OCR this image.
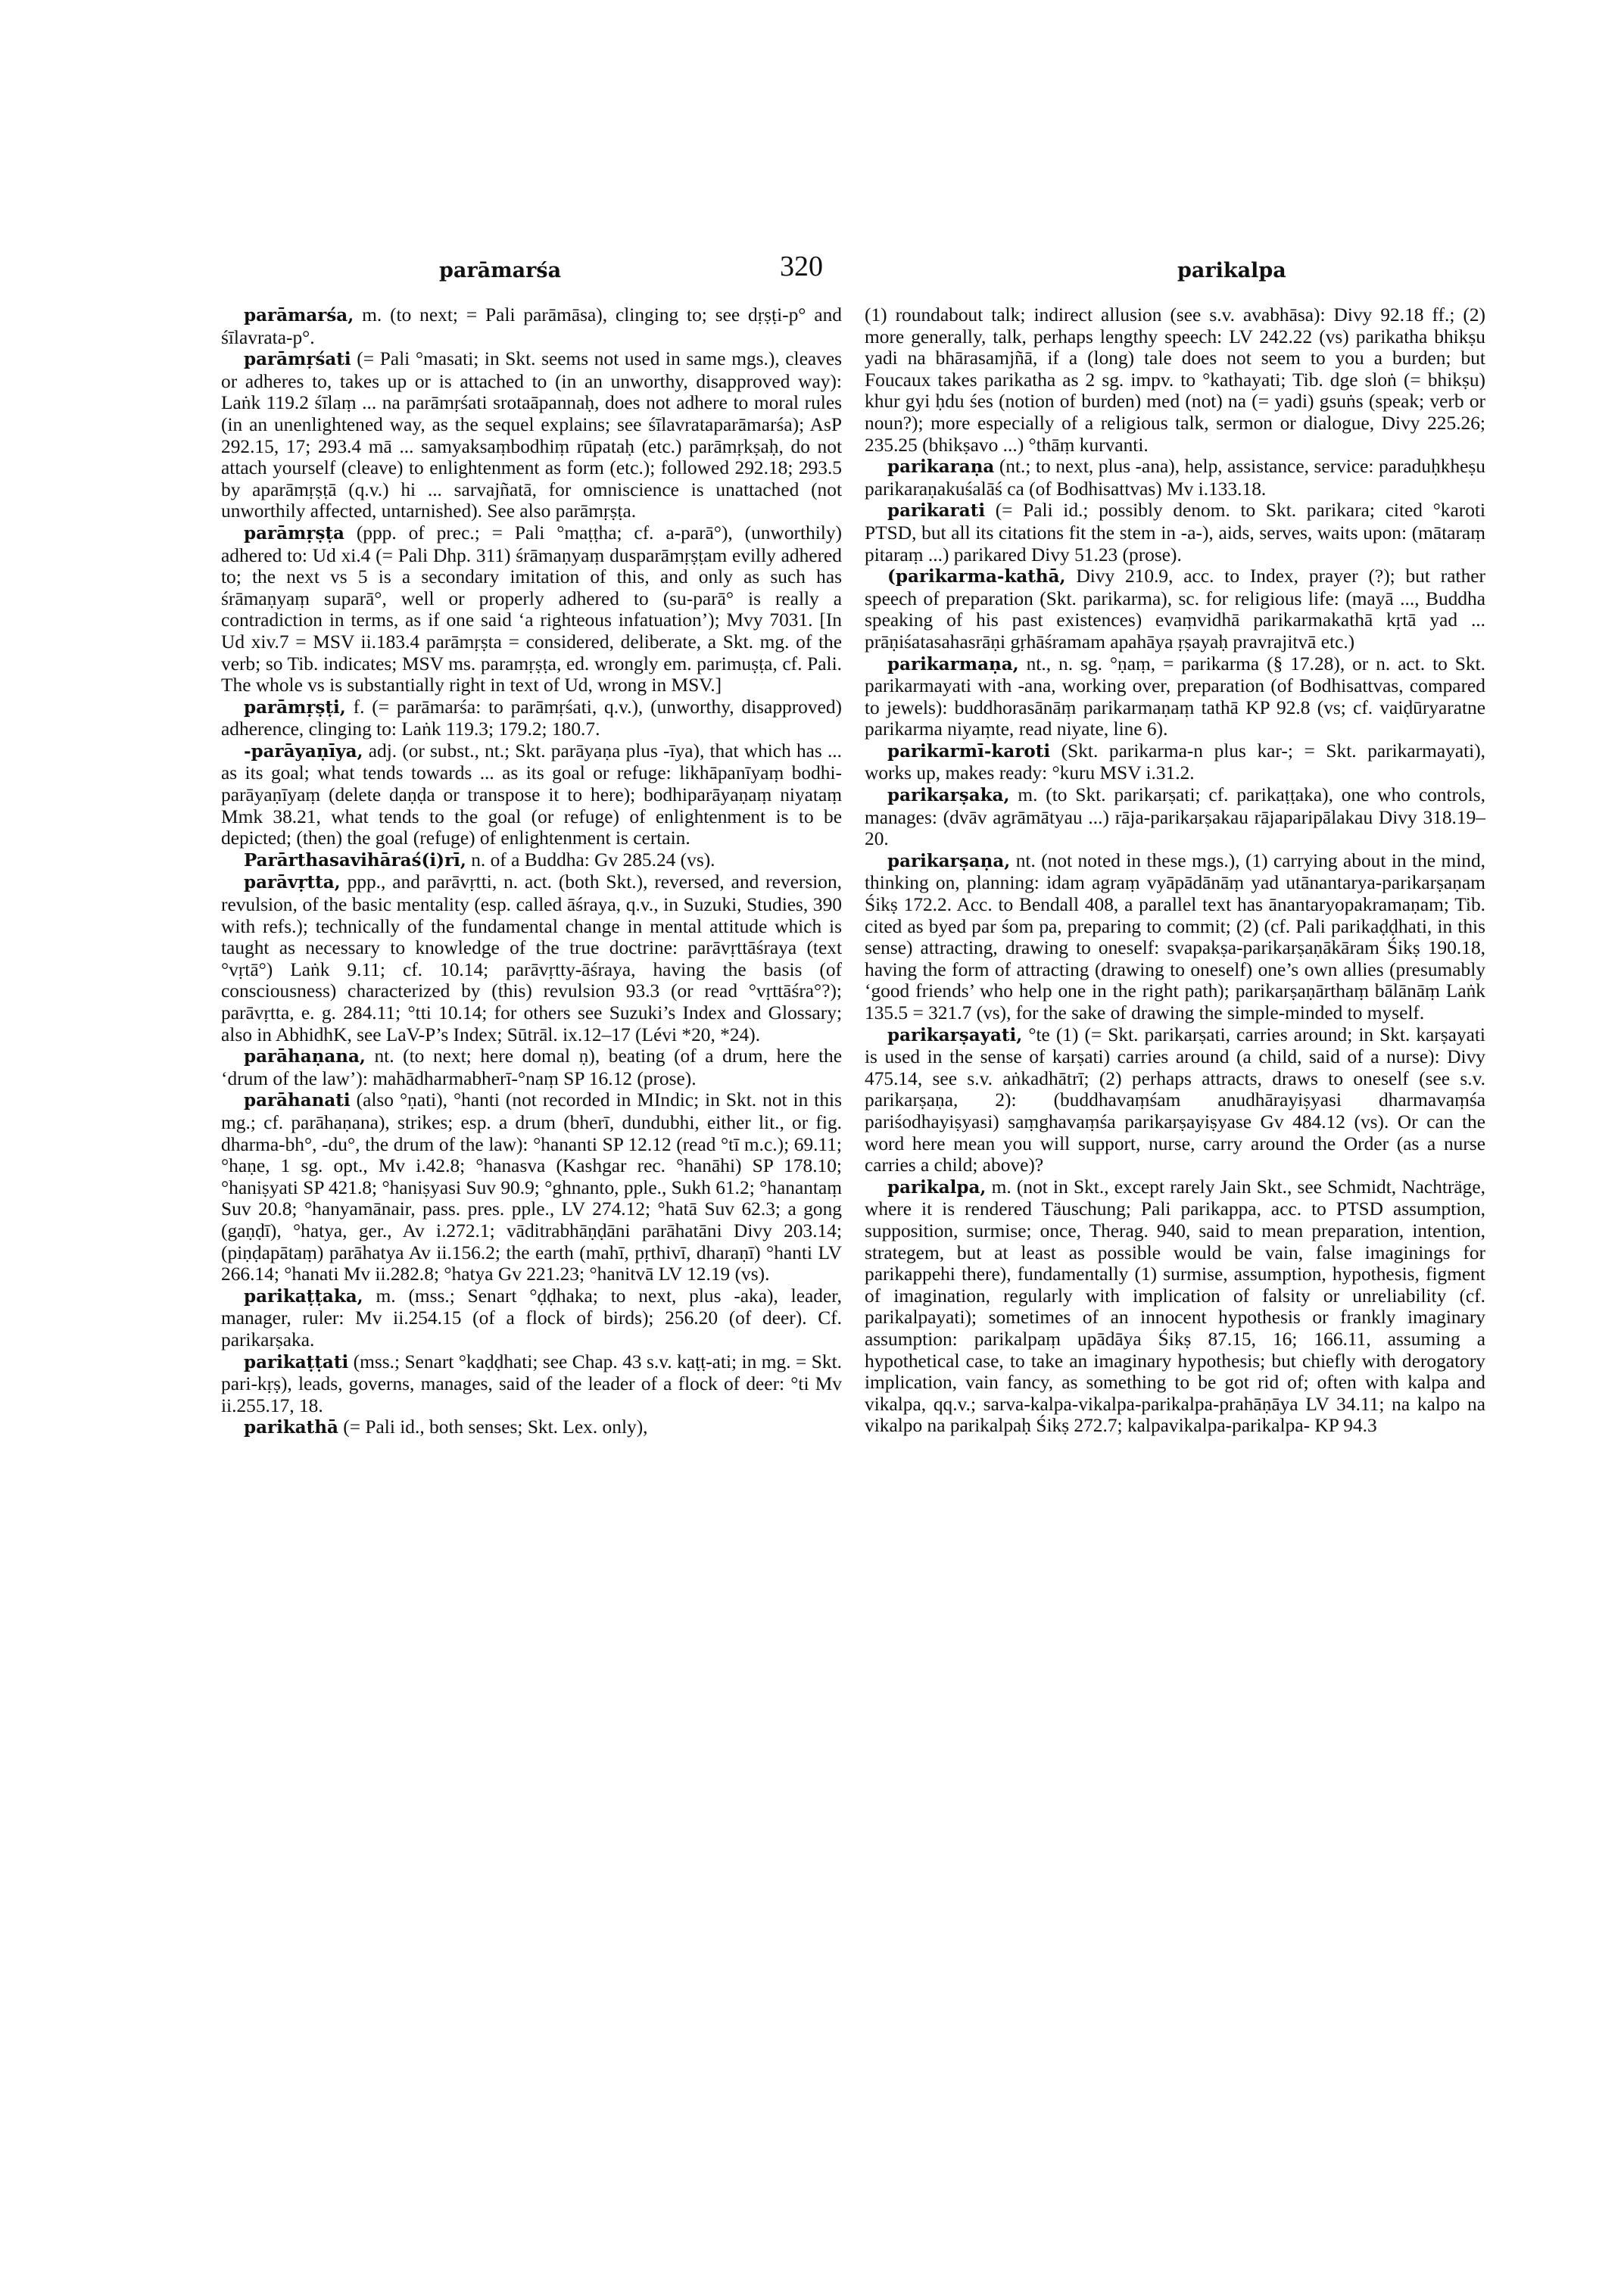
parāmarśa	320	parikalpa

parāmarśa, m. (to next; = Pali parāmāsa), clinging to; see dṛṣṭi-p° and śīlavrata-p°.

parāmṛśati (= Pali °masati; in Skt. seems not used in same mgs.), cleaves or adheres to, takes up or is attached to (in an unworthy, disapproved way): Laṅk 119.2 śīlaṃ ... na parāmṛśati srotaāpannaḥ, does not adhere to moral rules (in an unenlightened way, as the sequel explains; see śīlavrataparāmarśa); AsP 292.15, 17; 293.4 mā ... samyaksaṃbodhiṃ rūpataḥ (etc.) parāmṛkṣaḥ, do not attach yourself (cleave) to enlightenment as form (etc.); followed 292.18; 293.5 by aparāmṛṣṭā (q.v.) hi ... sarvajñatā, for omniscience is unattached (not unworthily affected, untarnished). See also parāmṛṣṭa.

parāmṛṣṭa (ppp. of prec.; = Pali °maṭṭha; cf. a-parā°), (unworthily) adhered to: Ud xi.4 (= Pali Dhp. 311) śrāmaṇyaṃ dusparāmṛṣṭam evilly adhered to; the next vs 5 is a secondary imitation of this, and only as such has śrāmaṇyaṃ suparā°, well or properly adhered to (su-parā° is really a contradiction in terms, as if one said ‘a righteous infatuation’); Mvy 7031. [In Ud xiv.7 = MSV ii.183.4 parāmṛṣta = considered, deliberate, a Skt. mg. of the verb; so Tib. indicates; MSV ms. paramṛṣṭa, ed. wrongly em. parimuṣṭa, cf. Pali. The whole vs is substantially right in text of Ud, wrong in MSV.]

parāmṛṣṭi, f. (= parāmarśa: to parāmṛśati, q.v.), (unworthy, disapproved) adherence, clinging to: Laṅk 119.3; 179.2; 180.7.

-parāyaṇīya, adj. (or subst., nt.; Skt. parāyaṇa plus -īya), that which has ... as its goal; what tends towards ... as its goal or refuge: likhāpanīyaṃ bodhi-parāyaṇīyaṃ (delete daṇḍa or transpose it to here); bodhiparāyaṇaṃ niyataṃ Mmk 38.21, what tends to the goal (or refuge) of enlightenment is to be depicted; (then) the goal (refuge) of enlightenment is certain.

Parārthasavihāraś(i)rī, n. of a Buddha: Gv 285.24 (vs).

parāvṛtta, ppp., and parāvṛtti, n. act. (both Skt.), reversed, and reversion, revulsion, of the basic mentality (esp. called āśraya, q.v., in Suzuki, Studies, 390 with refs.); technically of the fundamental change in mental attitude which is taught as necessary to knowledge of the true doctrine: parāvṛttāśraya (text °vṛtā°) Laṅk 9.11; cf. 10.14; parāvṛtty-āśraya, having the basis (of consciousness) characterized by (this) revulsion 93.3 (or read °vṛttāśra°?); parāvṛtta, e. g. 284.11; °tti 10.14; for others see Suzuki’s Index and Glossary; also in AbhidhK, see LaV-P’s Index; Sūtrāl. ix.12–17 (Lévi *20, *24).

parāhaṇana, nt. (to next; here domal ṇ), beating (of a drum, here the ‘drum of the law’): mahādharmabherī-°naṃ SP 16.12 (prose).

parāhanati (also °ṇati), °hanti (not recorded in MIndic; in Skt. not in this mg.; cf. parāhaṇana), strikes; esp. a drum (bherī, dundubhi, either lit., or fig. dharma-bh°, -du°, the drum of the law): °hananti SP 12.12 (read °tī m.c.); 69.11; °haṇe, 1 sg. opt., Mv i.42.8; °hanasva (Kashgar rec. °hanāhi) SP 178.10; °haniṣyati SP 421.8; °haniṣyasi Suv 90.9; °ghnanto, pple., Sukh 61.2; °hanantaṃ Suv 20.8; °hanyamānair, pass. pres. pple., LV 274.12; °hatā Suv 62.3; a gong (gaṇḍī), °hatya, ger., Av i.272.1; vāditrabhāṇḍāni parāhatāni Divy 203.14; (piṇḍapātaṃ) parāhatya Av ii.156.2; the earth (mahī, pṛthivī, dharaṇī) °hanti LV 266.14; °hanati Mv ii.282.8; °hatya Gv 221.23; °hanitvā LV 12.19 (vs).

parikaṭṭaka, m. (mss.; Senart °ḍḍhaka; to next, plus -aka), leader, manager, ruler: Mv ii.254.15 (of a flock of birds); 256.20 (of deer). Cf. parikarṣaka.

parikaṭṭati (mss.; Senart °kaḍḍhati; see Chap. 43 s.v. kaṭṭ-ati; in mg. = Skt. pari-kṛṣ), leads, governs, manages, said of the leader of a flock of deer: °ti Mv ii.255.17, 18.

parikathā (= Pali id., both senses; Skt. Lex. only),

(1) roundabout talk; indirect allusion (see s.v. avabhāsa): Divy 92.18 ff.; (2) more generally, talk, perhaps lengthy speech: LV 242.22 (vs) parikatha bhikṣu yadi na bhārasamjñā, if a (long) tale does not seem to you a burden; but Foucaux takes parikatha as 2 sg. impv. to °kathayati; Tib. dge sloṅ (= bhikṣu) khur gyi ḥdu śes (notion of burden) med (not) na (= yadi) gsuṅs (speak; verb or noun?); more especially of a religious talk, sermon or dialogue, Divy 225.26; 235.25 (bhikṣavo ...) °thāṃ kurvanti.

parikaraṇa (nt.; to next, plus -ana), help, assistance, service: paraduḥkheṣu parikaraṇakuśalāś ca (of Bodhisattvas) Mv i.133.18.

parikarati (= Pali id.; possibly denom. to Skt. parikara; cited °karoti PTSD, but all its citations fit the stem in -a-), aids, serves, waits upon: (mātaraṃ pitaraṃ ...) parikared Divy 51.23 (prose).

(parikarma-kathā, Divy 210.9, acc. to Index, prayer (?); but rather speech of preparation (Skt. parikarma), sc. for religious life: (mayā ..., Buddha speaking of his past existences) evaṃvidhā parikarmakathā kṛtā yad ... prāṇiśatasahasrāṇi gṛhāśramam apahāya ṛṣayaḥ pravrajitvā etc.)

parikarmaṇa, nt., n. sg. °ṇaṃ, = parikarma (§ 17.28), or n. act. to Skt. parikarmayati with -ana, working over, preparation (of Bodhisattvas, compared to jewels): buddhorasānāṃ parikarmaṇaṃ tathā KP 92.8 (vs; cf. vaiḍūryaratne parikarma niyaṃte, read niyate, line 6).

parikarmī-karoti (Skt. parikarma-n plus kar-; = Skt. parikarmayati), works up, makes ready: °kuru MSV i.31.2.

parikarṣaka, m. (to Skt. parikarṣati; cf. parikaṭṭaka), one who controls, manages: (dvāv agrāmātyau ...) rāja-parikarṣakau rājaparipālakau Divy 318.19–20.

parikarṣaṇa, nt. (not noted in these mgs.), (1) carrying about in the mind, thinking on, planning: idam agraṃ vyāpādānāṃ yad utānantarya-parikarṣaṇam Śikṣ 172.2. Acc. to Bendall 408, a parallel text has ānantaryopakramaṇam; Tib. cited as byed par śom pa, preparing to commit; (2) (cf. Pali parikaḍḍhati, in this sense) attracting, drawing to oneself: svapakṣa-parikarṣaṇākāram Śikṣ 190.18, having the form of attracting (drawing to oneself) one’s own allies (presumably ‘good friends’ who help one in the right path); parikarṣaṇārthaṃ bālānāṃ Laṅk 135.5 = 321.7 (vs), for the sake of drawing the simple-minded to myself.

parikarṣayati, °te (1) (= Skt. parikarṣati, carries around; in Skt. karṣayati is used in the sense of karṣati) carries around (a child, said of a nurse): Divy 475.14, see s.v. aṅkadhātrī; (2) perhaps attracts, draws to oneself (see s.v. parikarṣaṇa, 2): (buddhavaṃśam anudhārayiṣyasi dharmavaṃśa pariśodhayiṣyasi) saṃghavaṃśa parikarṣayiṣyase Gv 484.12 (vs). Or can the word here mean you will support, nurse, carry around the Order (as a nurse carries a child; above)?

parikalpa, m. (not in Skt., except rarely Jain Skt., see Schmidt, Nachträge, where it is rendered Täuschung; Pali parikappa, acc. to PTSD assumption, supposition, surmise; once, Therag. 940, said to mean preparation, intention, strategem, but at least as possible would be vain, false imaginings for parikappehi there), fundamentally (1) surmise, assumption, hypothesis, figment of imagination, regularly with implication of falsity or unreliability (cf. parikalpayati); sometimes of an innocent hypothesis or frankly imaginary assumption: parikalpaṃ upādāya Śikṣ 87.15, 16; 166.11, assuming a hypothetical case, to take an imaginary hypothesis; but chiefly with derogatory implication, vain fancy, as something to be got rid of; often with kalpa and vikalpa, qq.v.; sarva-kalpa-vikalpa-parikalpa-prahāṇāya LV 34.11; na kalpo na vikalpo na parikalpaḥ Śikṣ 272.7; kalpavikalpa-parikalpa- KP 94.3
